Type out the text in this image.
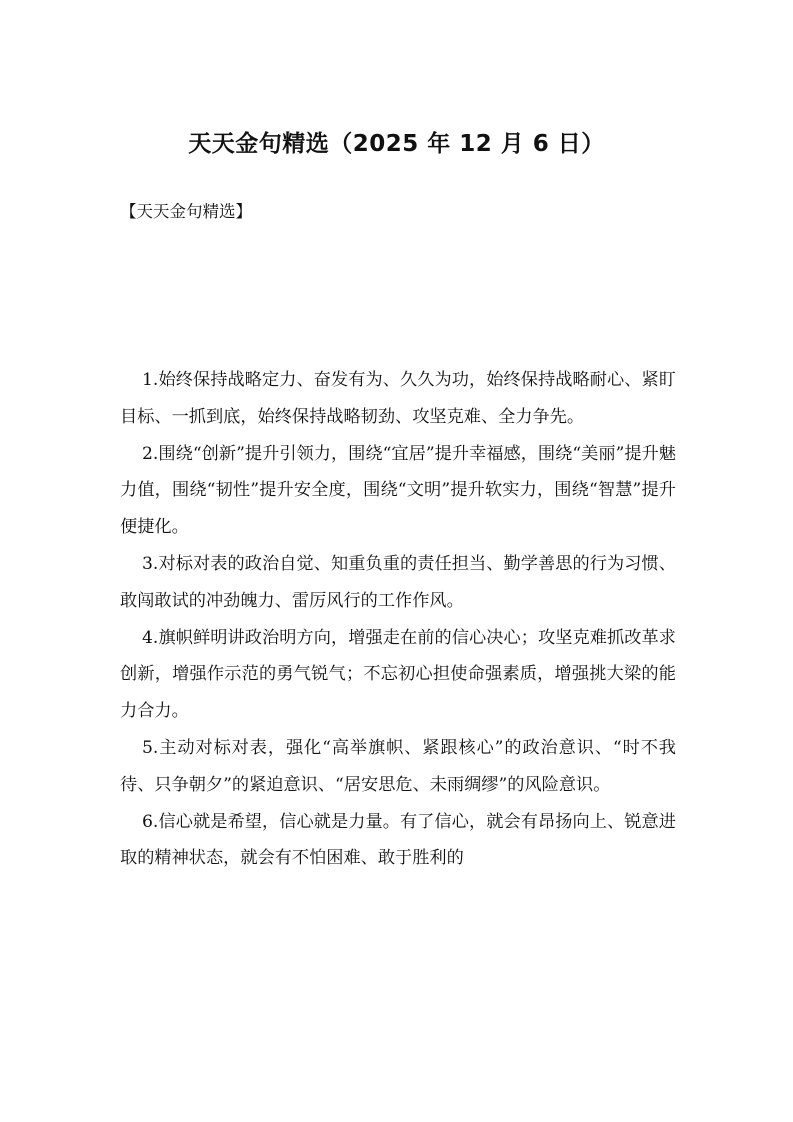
天天金句精选（2025 年 12 月 6 日）

【天天金句精选】

1.始终保持战略定力、奋发有为、久久为功，始终保持战略耐心、紧盯目标、一抓到底，始终保持战略韧劲、攻坚克难、全力争先。

2.围绕“创新”提升引领力，围绕“宜居”提升幸福感，围绕“美丽”提升魅力值，围绕“韧性”提升安全度，围绕“文明”提升软实力，围绕“智慧”提升便捷化。

3.对标对表的政治自觉、知重负重的责任担当、勤学善思的行为习惯、敢闯敢试的冲劲魄力、雷厉风行的工作作风。

4.旗帜鲜明讲政治明方向，增强走在前的信心决心；攻坚克难抓改革求创新，增强作示范的勇气锐气；不忘初心担使命强素质，增强挑大梁的能力合力。

5.主动对标对表，强化“高举旗帜、紧跟核心”的政治意识、“时不我待、只争朝夕”的紧迫意识、“居安思危、未雨绸缪”的风险意识。

6.信心就是希望，信心就是力量。有了信心，就会有昂扬向上、锐意进取的精神状态，就会有不怕困难、敢于胜利的
